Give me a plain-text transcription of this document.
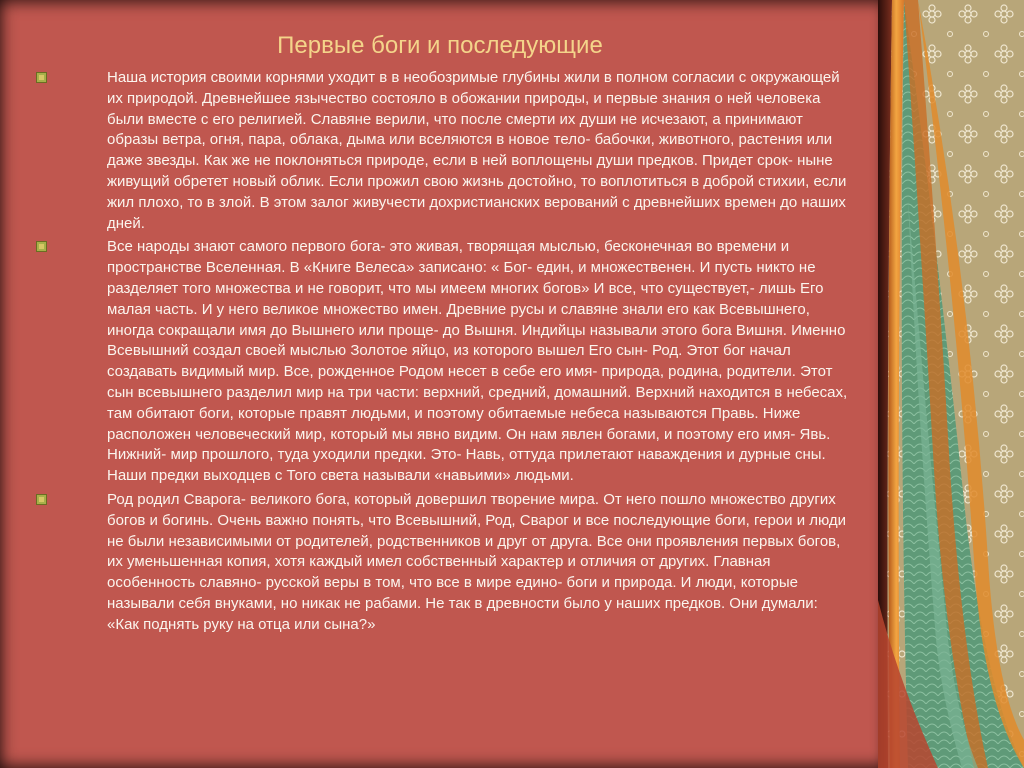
Первые боги и последующие
Наша история своими корнями уходит в в необозримые глубины жили в полном согласии с окружающей их природой. Древнейшее язычество состояло в обожании природы, и первые знания о ней человека были вместе с его религией. Славяне верили, что после смерти их души не исчезают, а принимают образы ветра, огня, пара, облака, дыма или вселяются в новое тело- бабочки, животного, растения или даже звезды. Как же не поклоняться природе, если в ней воплощены души предков. Придет срок- ныне живущий обретет новый облик. Если прожил свою жизнь достойно, то воплотиться в доброй стихии, если жил плохо, то в злой. В этом залог живучести дохристианских верований с древнейших времен до наших дней.
Все народы знают самого первого бога- это живая, творящая мыслью, бесконечная во времени и пространстве Вселенная. В «Книге Велеса» записано: « Бог- един, и множественен. И пусть никто не разделяет того множества и не говорит, что мы имеем многих богов» И все, что существует,- лишь Его малая часть. И у него великое множество имен. Древние русы и славяне знали его как Всевышнего, иногда сокращали имя до Вышнего или проще- до Вышня. Индийцы называли этого бога Вишня. Именно Всевышний создал своей мыслью Золотое яйцо, из которого вышел Его сын- Род. Этот бог начал создавать видимый мир. Все, рожденное Родом несет в себе его имя- природа, родина, родители. Этот сын всевышнего разделил мир на три части: верхний, средний, домашний. Верхний находится в небесах, там обитают боги, которые правят людьми, и поэтому обитаемые небеса называются Правь. Ниже расположен человеческий мир, который мы явно видим. Он нам явлен богами, и поэтому его имя- Явь. Нижний- мир прошлого, туда уходили предки. Это- Навь, оттуда прилетают наваждения и дурные сны. Наши предки выходцев с Того света называли «навьими» людьми.
Род родил Сварога- великого бога, который довершил творение мира. От него пошло множество других богов и богинь. Очень важно понять, что Всевышний, Род, Сварог и все последующие боги, герои и люди не были независимыми от родителей, родственников и друг от друга. Все они проявления первых богов, их уменьшенная копия, хотя каждый имел собственный характер и отличия от других. Главная особенность славяно- русской веры в том, что все в мире едино- боги и природа. И люди, которые называли себя внуками, но никак не рабами. Не так в древности было у наших предков. Они думали: «Как поднять руку на отца или сына?»
